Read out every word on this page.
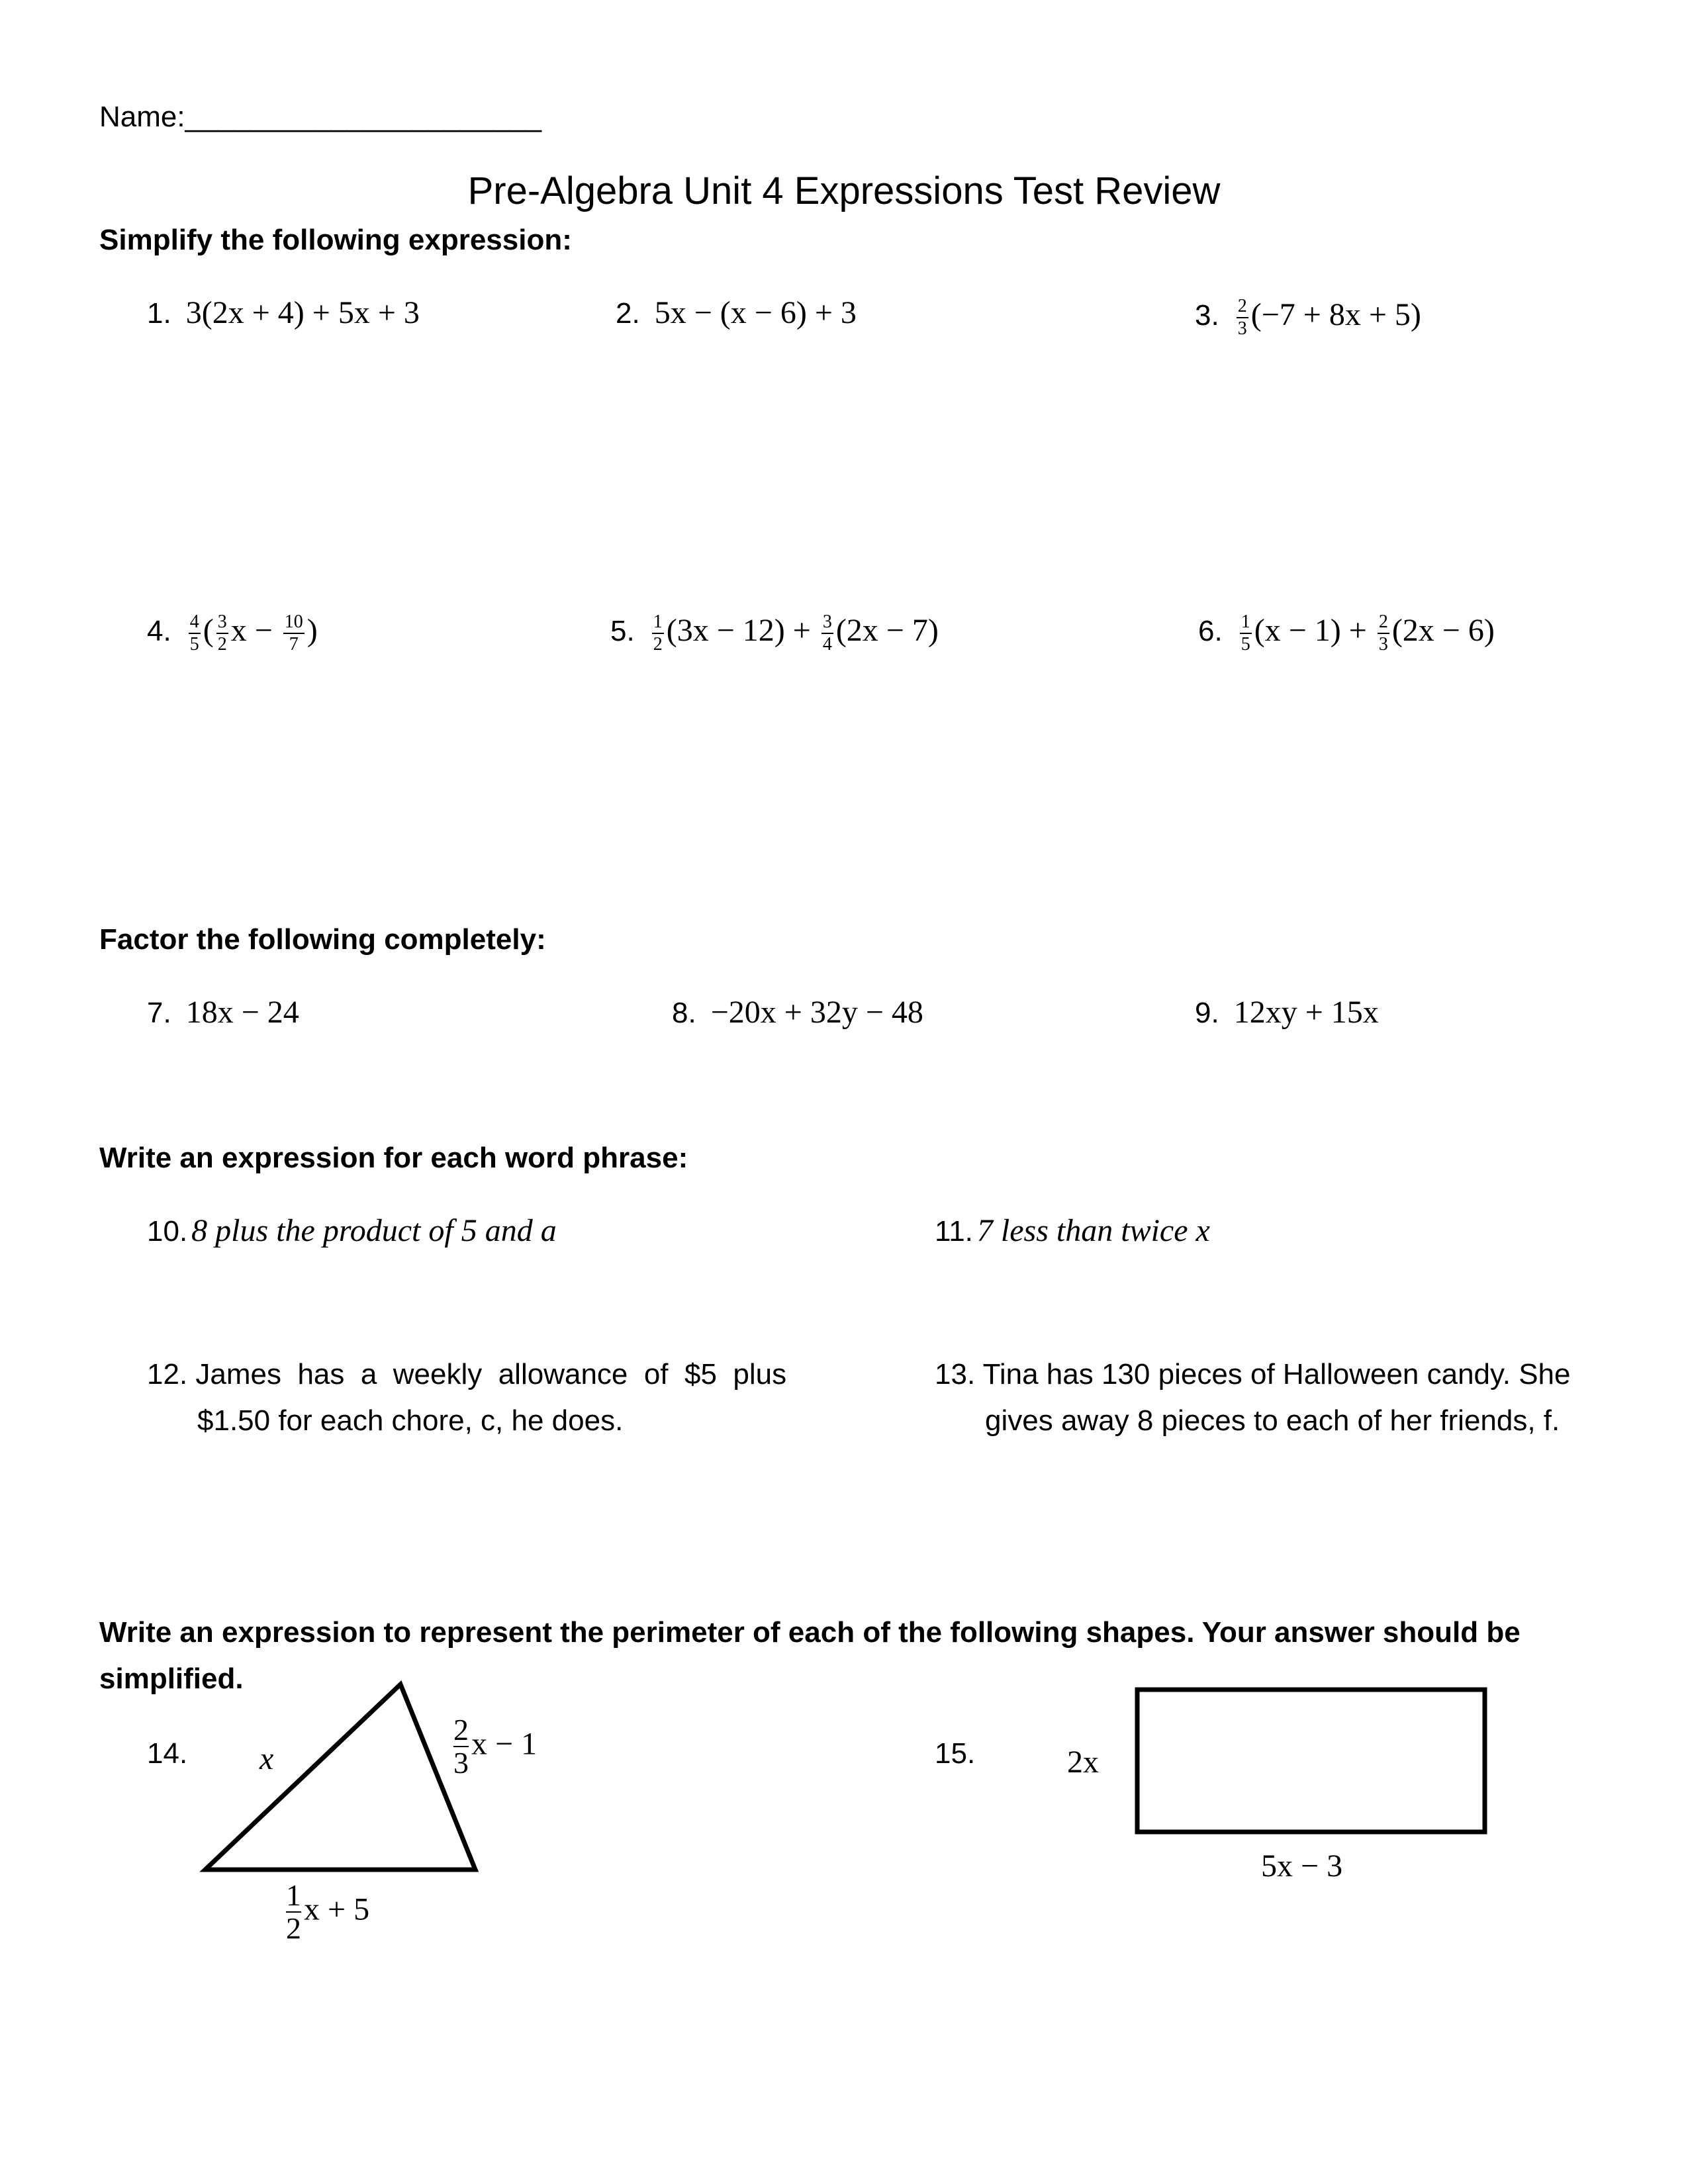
Name:______________________
Pre-Algebra Unit 4 Expressions Test Review
Simplify the following expression:
1. 3(2x + 4) + 5x + 3	2. 5x − (x − 6) + 3	3. $\frac{2}{3} (-7 + 8x + 5)$
4. $\frac{4}{5}$ ( $\frac{3}{2}$ $x - \frac{10}{7}$ )	5. $\frac{1}{2} (3x - 12) + \frac{3}{4} (2x - 7)$	6. $\frac{1}{5} (x - 1) + \frac{2}{3} (2x - 6)$
Factor the following completely:
7. 18x − 24	8. −20x + 32y − 48	9. 12xy + 15x
Write an expression for each word phrase:
10. 8 plus the product of 5 and a	11. 7 less than twice x
12. James  has  a  weekly  allowance  of  $5  plus
$1.50 for each chore, c, he does.
13. Tina has 130 pieces of Halloween candy. She
gives away 8 pieces to each of her friends, f.
Write an expression to represent the perimeter of each of the following shapes. Your answer should be
simplified.
14. x	$\frac{2}{3}$ x − 1
$\frac{1}{2}$ x + 5
15.	2x
5x − 3
